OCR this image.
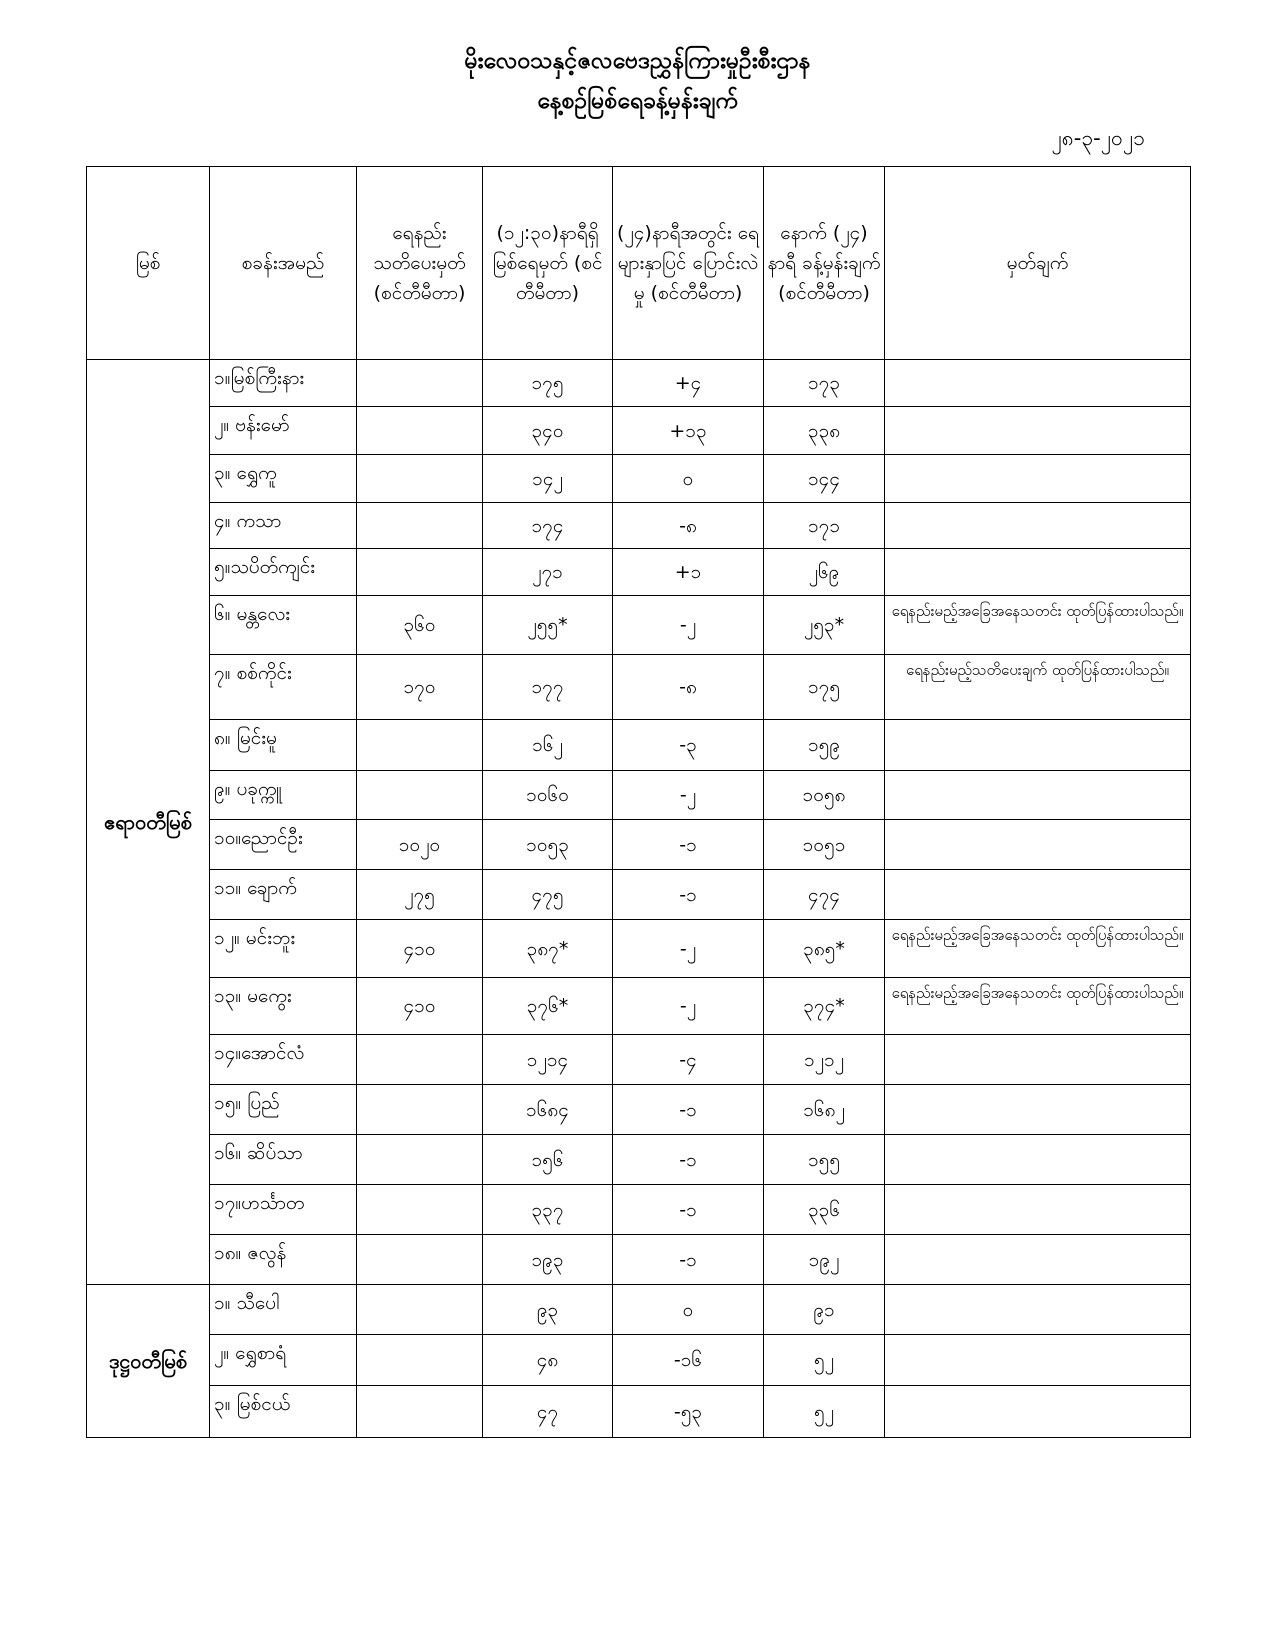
မိုးလေဝသနှင့်ဇလဗေဒညွှန်ကြားမှုဦးစီးဌာန
နေ့စဉ်မြစ်ရေခန့်မှန်းချက်
၂၈-၃-၂၀၂၁
မြစ်	စခန်းအမည်	ရေနည်း သတိပေးမှတ် (စင်တီမီတာ)	(၁၂:၃၀)နာရီရှိ မြစ်ရေမှတ် (စင်တီမီတာ)	(၂၄)နာရီအတွင်း ရေများနှာပြင် ပြောင်းလဲမှု (စင်တီမီတာ)	နောက် (၂၄) နာရီ ခန့်မှန်းချက် (စင်တီမီတာ)	မှတ်ချက်
ဧရာဝတီမြစ်	၁။မြစ်ကြီးနား		၁၇၅	+၄	၁၇၃	
	၂။ ဗန်းမော်		၃၄၀	+၁၃	၃၃၈	
	၃။ ရွှေကူ		၁၄၂	၀	၁၄၄	
	၄။ ကသာ		၁၇၄	-၈	၁၇၁	
	၅။သပိတ်ကျင်း		၂၇၁	+၁	၂၆၉	
	၆။ မန္တလေး	၃၆၀	၂၅၅*	-၂	၂၅၃*	ရေနည်းမည့်အခြေအနေသတင်း ထုတ်ပြန်ထားပါသည်။
	၇။ စစ်ကိုင်း	၁၇၀	၁၇၇	-၈	၁၇၅	ရေနည်းမည့်သတိပေးချက် ထုတ်ပြန်ထားပါသည်။
	၈။ မြင်းမူ		၁၆၂	-၃	၁၅၉	
	၉။ ပခုက္ကူ		၁၀၆၀	-၂	၁၀၅၈	
	၁၀။ညောင်ဦး	၁၀၂၀	၁၀၅၃	-၁	၁၀၅၁	
	၁၁။ ချောက်	၂၇၅	၄၇၅	-၁	၄၇၄	
	၁၂။ မင်းဘူး	၄၁၀	၃၈၇*	-၂	၃၈၅*	ရေနည်းမည့်အခြေအနေသတင်း ထုတ်ပြန်ထားပါသည်။
	၁၃။ မကွေး	၄၁၀	၃၇၆*	-၂	၃၇၄*	ရေနည်းမည့်အခြေအနေသတင်း ထုတ်ပြန်ထားပါသည်။
	၁၄။အောင်လံ		၁၂၁၄	-၄	၁၂၁၂	
	၁၅။ ပြည်		၁၆၈၄	-၁	၁၆၈၂	
	၁၆။ ဆိပ်သာ		၁၅၆	-၁	၁၅၅	
	၁၇။ဟင်္သာတ		၃၃၇	-၁	၃၃၆	
	၁၈။ ဇလွန်		၁၉၃	-၁	၁၉၂	
ဒုဋ္ဌဝတီမြစ်	၁။ သီပေါ		၉၃	၀	၉၁	
	၂။ ရွှေစာရံ		၄၈	-၁၆	၅၂	
	၃။ မြစ်ငယ်		၄၇	-၅၃	၅၂	
